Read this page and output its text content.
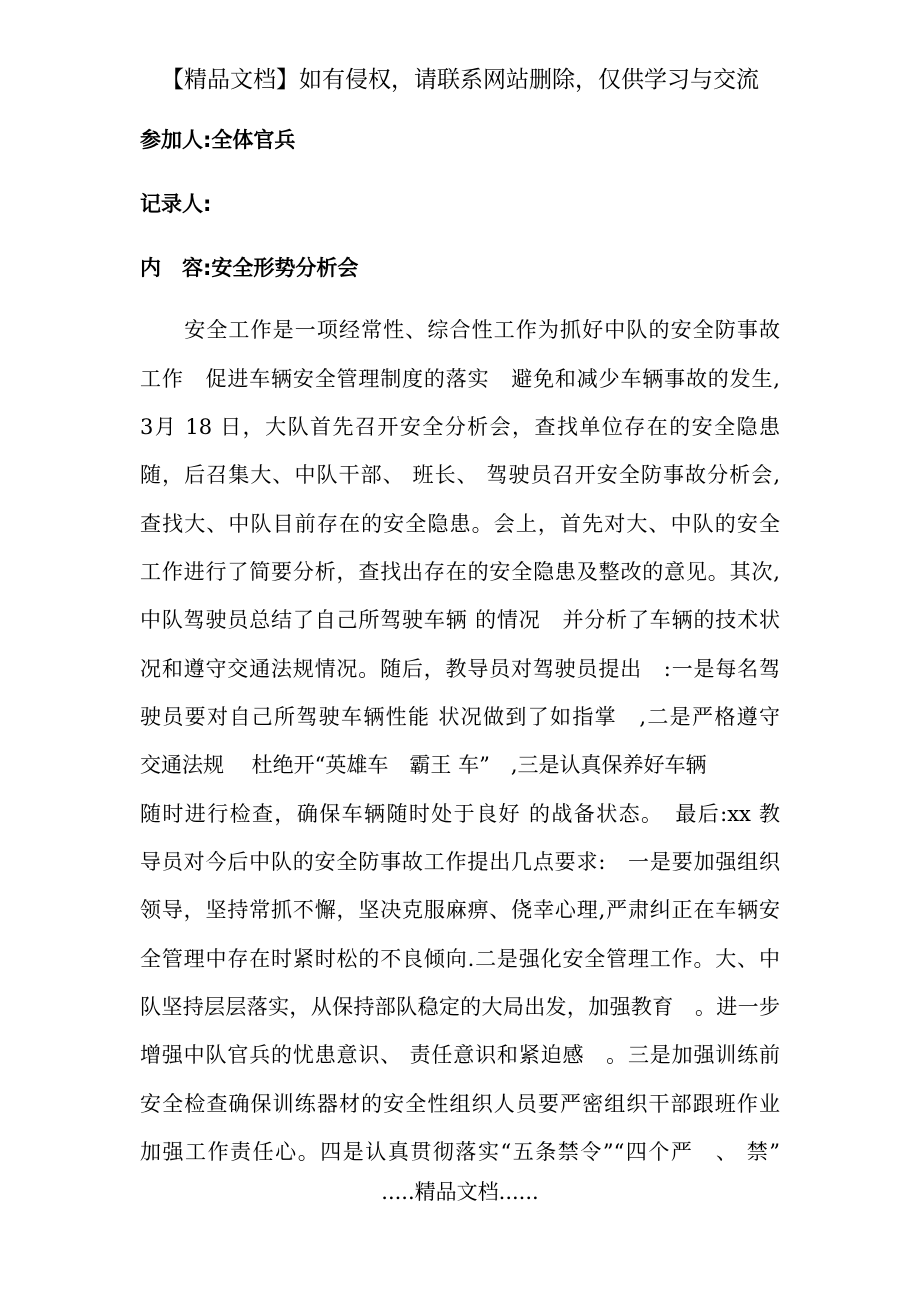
【精品文档】如有侵权，请联系网站删除，仅供学习与交流
参加人:全体官兵
记录人:
内　容:安全形势分析会
　　安全工作是一项经常性、综合性工作为抓好中队的安全防事故
工作　促进车辆安全管理制度的落实　避免和减少车辆事故的发生,
3月 18 日，大队首先召开安全分析会，查找单位存在的安全隐患
随，后召集大、中队干部、 班长、 驾驶员召开安全防事故分析会,
查找大、中队目前存在的安全隐患。会上，首先对大、中队的安全
工作进行了简要分析，查找出存在的安全隐患及整改的意见。其次,
中队驾驶员总结了自己所驾驶车辆 的情况　并分析了车辆的技术状
况和遵守交通法规情况。随后，教导员对驾驶员提出　:一是每名驾
驶员要对自己所驾驶车辆性能 状况做到了如指掌　,二是严格遵守
交通法规　 杜绝开“英雄车　霸王 车”　,三是认真保养好车辆
随时进行检查，确保车辆随时处于良好 的战备状态。　最后:xx 教
导员对今后中队的安全防事故工作提出几点要求:　一是要加强组织
领导，坚持常抓不懈，坚决克服麻痹、侥幸心理,严肃纠正在车辆安
全管理中存在时紧时松的不良倾向.二是强化安全管理工作。大、中
队坚持层层落实，从保持部队稳定的大局出发，加强教育　。进一步
增强中队官兵的忧患意识、 责任意识和紧迫感　。三是加强训练前
安全检查确保训练器材的安全性组织人员要严密组织干部跟班作业
加强工作责任心。四是认真贯彻落实“五条禁令”“四个严　、 禁”
.....精品文档......
